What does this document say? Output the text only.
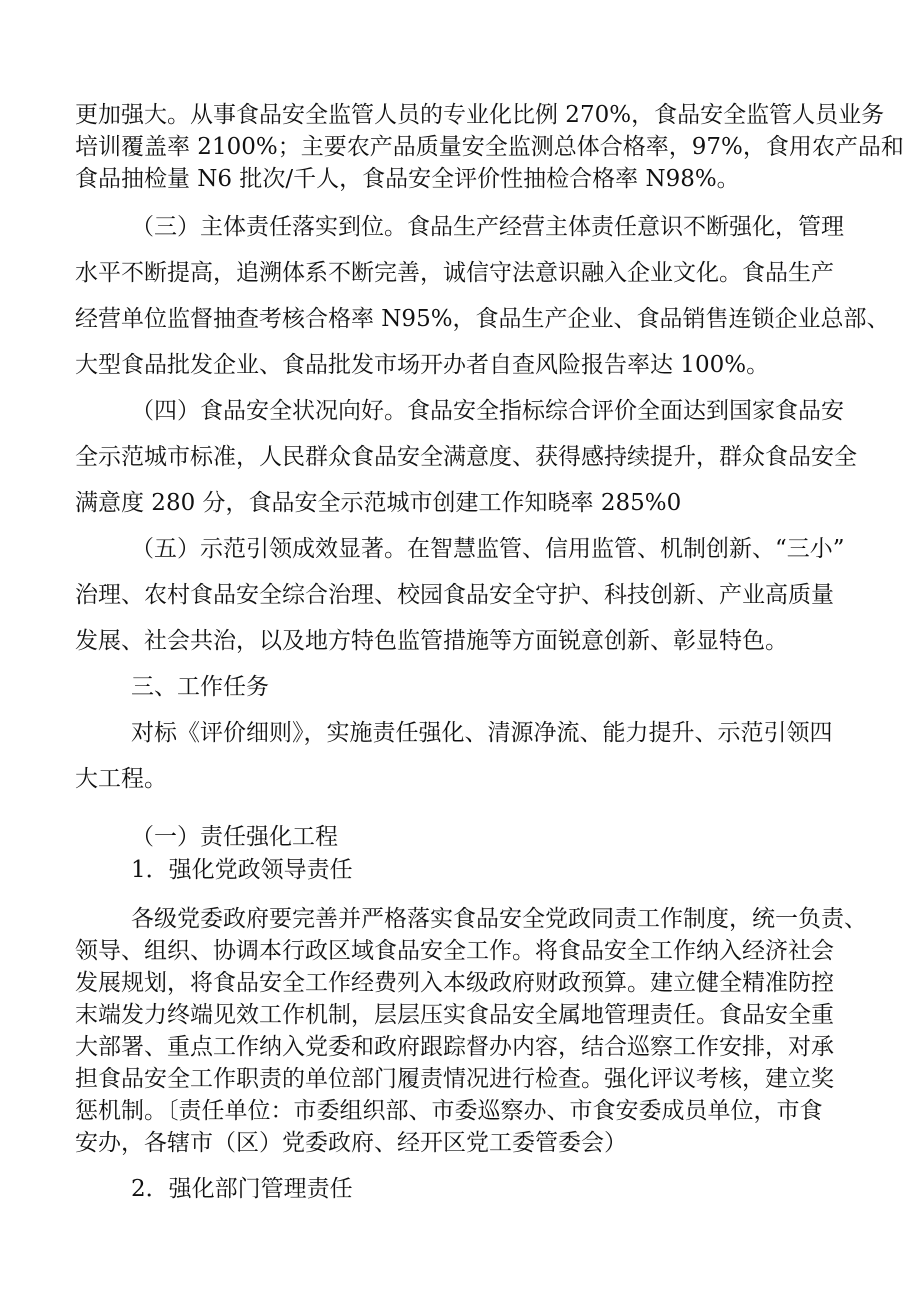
更加强大。从事食品安全监管人员的专业化比例 270%，食品安全监管人员业务

培训覆盖率 2100%；主要农产品质量安全监测总体合格率，97%，食用农产品和

食品抽检量 N6 批次/千人，食品安全评价性抽检合格率 N98%。

（三）主体责任落实到位。食品生产经营主体责任意识不断强化，管理

水平不断提高，追溯体系不断完善，诚信守法意识融入企业文化。食品生产

经营单位监督抽查考核合格率 N95%，食品生产企业、食品销售连锁企业总部、

大型食品批发企业、食品批发市场开办者自查风险报告率达 100%。

（四）食品安全状况向好。食品安全指标综合评价全面达到国家食品安

全示范城市标准，人民群众食品安全满意度、获得感持续提升，群众食品安全

满意度 280 分，食品安全示范城市创建工作知晓率 285%0

（五）示范引领成效显著。在智慧监管、信用监管、机制创新、“三小”

治理、农村食品安全综合治理、校园食品安全守护、科技创新、产业高质量

发展、社会共治，以及地方特色监管措施等方面锐意创新、彰显特色。

三、工作任务

对标《评价细则》，实施责任强化、清源净流、能力提升、示范引领四

大工程。

（一）责任强化工程

1．强化党政领导责任

各级党委政府要完善并严格落实食品安全党政同责工作制度，统一负责、

领导、组织、协调本行政区域食品安全工作。将食品安全工作纳入经济社会

发展规划，将食品安全工作经费列入本级政府财政预算。建立健全精准防控

末端发力终端见效工作机制，层层压实食品安全属地管理责任。食品安全重

大部署、重点工作纳入党委和政府跟踪督办内容，结合巡察工作安排，对承

担食品安全工作职责的单位部门履责情况进行检查。强化评议考核，建立奖

惩机制。〔责任单位：市委组织部、市委巡察办、市食安委成员单位，市食

安办，各辖市（区）党委政府、经开区党工委管委会）

2．强化部门管理责任
